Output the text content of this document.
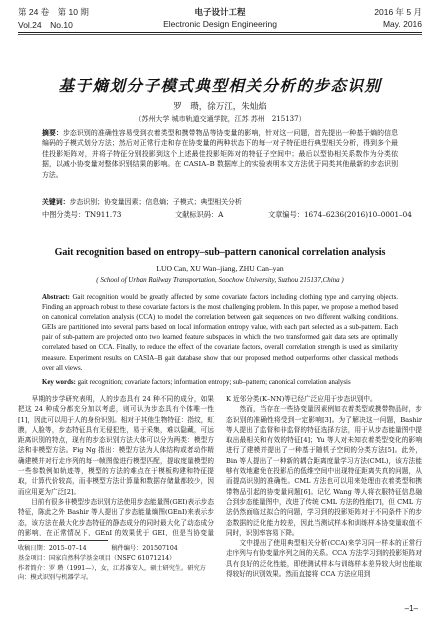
第 24 卷　第 10 期	电子设计工程	2016 年 5 月
Vol.24　No.10	Electronic Design Engineering	May. 2016
基于熵划分子模式典型相关分析的步态识别
罗　瓒，徐万江，朱灿焰
（苏州大学 城市轨道交通学院，江苏 苏州　215137）
摘要：步态识别的准确性容易受到衣着类型和携带物品等协变量的影响，针对这一问题，首先提出一种基于熵的信息编码的子模式划分方法；然后对正常行走和存在协变量的两种状态下的每一对子特征进行典型相关分析，得到多个最佳投影矩阵对，并将子特征分别投影到这个上述最佳投影矩阵对的特征子空间中；最后以型协相关系数作为分类依据，以减小协变量对整体识别结果的影响。在 CASIA–B 数据库上的实验表明本文方法优于同类其他最新的步态识别方法。
关键词：步态识别；协变量因素；信息熵；子模式；典型相关分析
中图分类号：TN911.73	文献标识码：A	文章编号：1674–6236(2016)10–0001–04
Gait recognition based on entropy–sub–pattern canonical correlation analysis
LUO Can, XU Wan–jiang, ZHU Can–yan
( School of Urban Railway Transportation, Soochow University, Suzhou 215137,China )
Abstract: Gait recognition would be greatly affected by some covariate factors including clothing type and carrying objects. Finding an approach robust to these covariate factors is the most challenging problem. In this paper, we propose a method based on canonical correlation analysis (CCA) to model the correlation between gait sequences on two different walking conditions. GEIs are partitioned into several parts based on local information entropy value, with each part selected as a sub-pattern. Each pair of sub-pattern are projected onto two learned feature subspaces in which the two transformed gait data sets are optimally correlated based on CCA. Finally, to reduce the effect of the covariate factors, overall correlation strength is used as similarity measure. Experiment results on CASIA–B gait database show that our proposed method outperforms other classical methods over all views.
Key words: gait recognition; covariate factors; information entropy; sub–pattern; canonical correlation analysis
　　早期的步学研究表明，人的步态具有 24 种不同的成分，如果把这 24 种成分都充分加以考虑，则可认为步态具有个体唯一性[1]，因此可以用于人的身份识别。相对于其他生物特征：指纹，虹膜，人脸等，步态特征具有无侵犯性，易于采集，难以隐藏，可远距离识别的特点，现有的步态识别方法大体可以分为两类：模型方法和非模型方法。Fig Ng 指出：模型方法为人体结构或者动作精确建模并对行走序列的每一帧图像进行模型匹配，提取度量模型的一些参数例如轨迹等，模型的方法的难点在于模板构建和特征提取，计算代价较高，而非模型方法计算量和数据存储量都较少，因而应用更为广泛[2]。
　　目前有很多非模型步态识别方法使用步态能量图(GEI)表示步态特征，陈此之外 Bashir 等人提出了步态能量熵图(GEnI)来表示步态，该方法在最大化步态特征的静态成分的同时最大化了动态成分的影响，在正常情况下，GEnI 的效果优于 GEI，但是当协变量
K 近邻分类(K–NN)等已经广泛应用于步态识别中。
　　然而，当存在一些协变量因素例如衣着类型或携带物品时，步态识别的准确性将受到一定影响[3]。为了解决这一问题，Bashir 等人提出了监督和非监督的特征选择方法，用于从步态能量图中提取出最相关和有效的特征[4]；Yu 等人对未知衣着类型变化的影响进行了建模并提出了一种基于随机子空间的分类方法[5]。此外，Bin 等人提出了一种新的耦合距离度量学习方法(CML)，该方法能够有效地避免在投影后的低维空间中出现特征距离失真的问题，从而提高识别的准确性。CML 方法也可以用来处理由衣着类型和携带物品引起的协变量问题[6]。记忆 Wang 等人将衣服特征信息融合到步态能量图中，改进了传统 CML 方法的性能[7]，但 CML 方法仍然面临过拟合的问题，学习到的投影矩阵对于不同条件下的步态数据的泛化能力较差，因此当测试样本和训练样本协变量取值不同时，识别率容易下降。
　　文中提出了使用典型相关分析(CCA)来学习同一样本的正常行走序列与有协变量序列之间的关系。CCA 方法学习到的投影矩阵对具有良好的泛化性能，即使测试样本与训练样本差异较大时也能取得较好的识别效果。然而直接将 CCA 方法应用到
收稿日期：2015–07–14　　　　稿件编号：201507104
基金项目：国家自然科学基金项目（NSFC 61071214）
作者简介：罗 瓒（1991—），女，江苏淮安人，硕士研究生。研究方向：模式识别与机器学习。
–1–
